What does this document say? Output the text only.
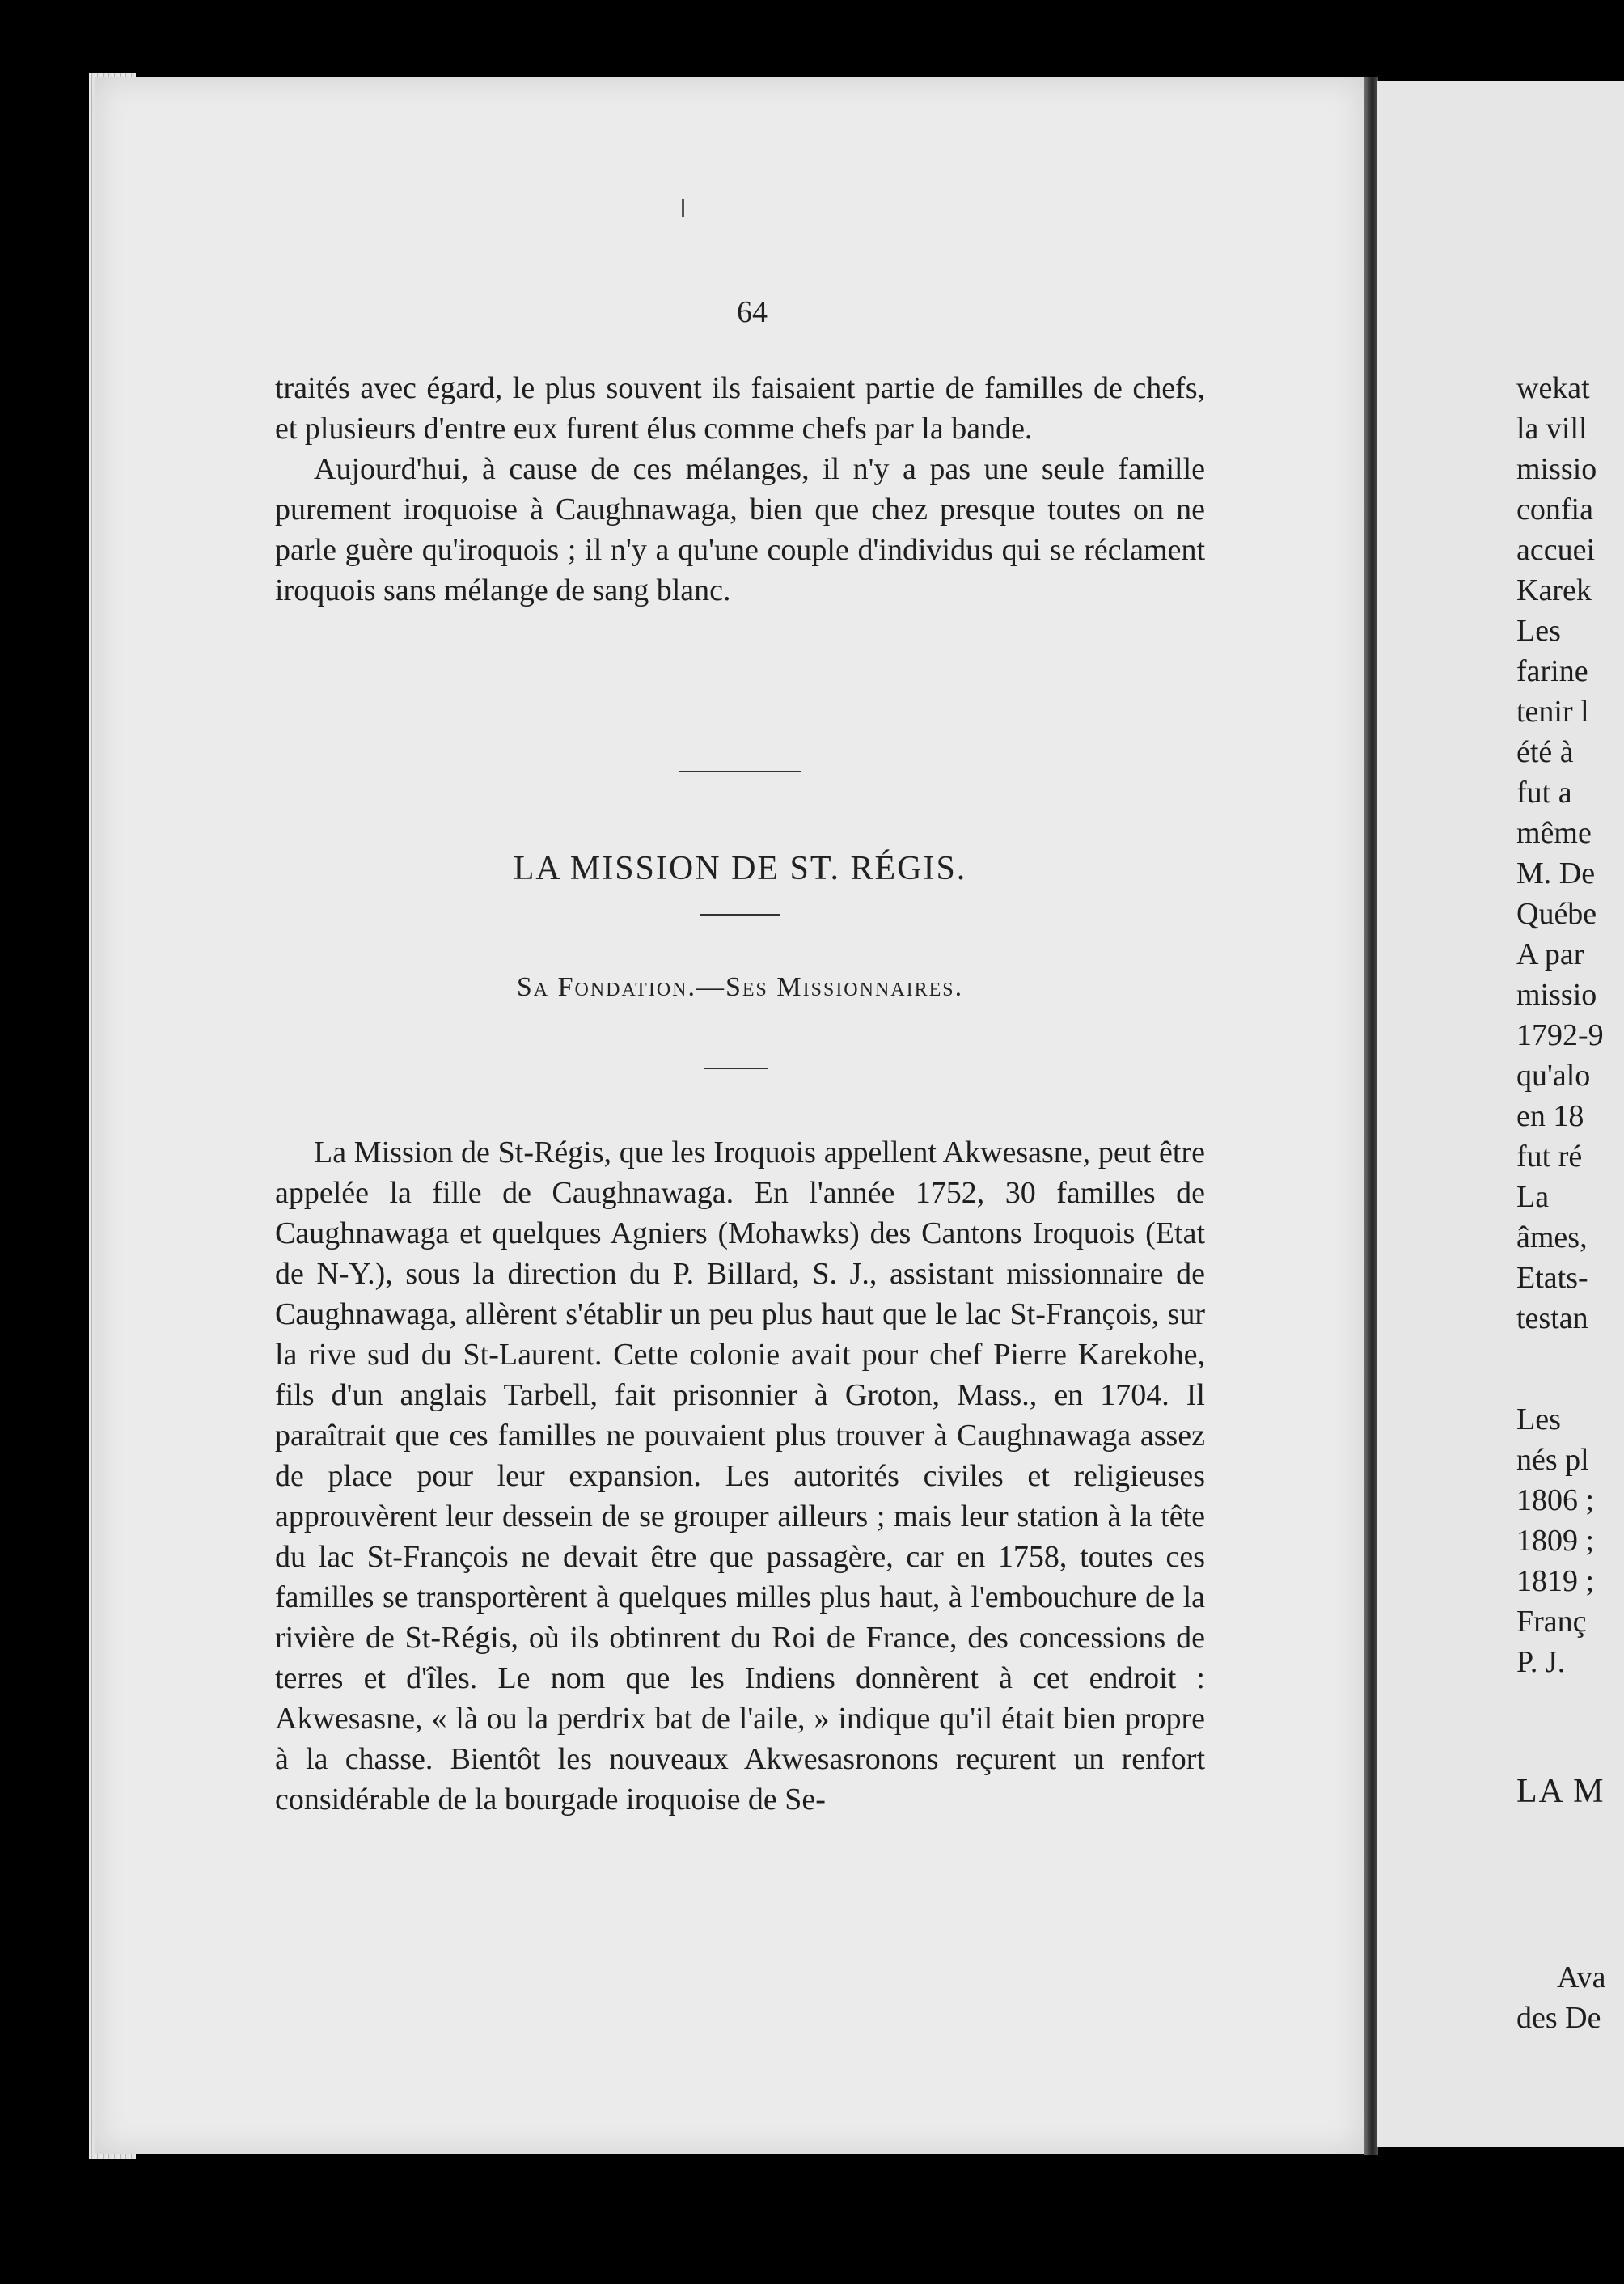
64

traités avec égard, le plus souvent ils faisaient partie de familles de chefs, et plusieurs d'entre eux furent élus comme chefs par la bande.

Aujourd'hui, à cause de ces mélanges, il n'y a pas une seule famille purement iroquoise à Caughnawaga, bien que chez presque toutes on ne parle guère qu'iroquois ; il n'y a qu'une couple d'individus qui se réclament iroquois sans mélange de sang blanc.

LA MISSION DE ST. RÉGIS.
Sa Fondation.—Ses Missionnaires.

La Mission de St-Régis, que les Iroquois appellent Akwesasne, peut être appelée la fille de Caughnawaga. En l'année 1752, 30 familles de Caughnawaga et quelques Agniers (Mohawks) des Cantons Iroquois (Etat de N-Y.), sous la direction du P. Billard, S. J., assistant missionnaire de Caughnawaga, allèrent s'établir un peu plus haut que le lac St-François, sur la rive sud du St-Laurent. Cette colonie avait pour chef Pierre Karekohe, fils d'un anglais Tarbell, fait prisonnier à Groton, Mass., en 1704. Il paraîtrait que ces familles ne pouvaient plus trouver à Caughnawaga assez de place pour leur expansion. Les autorités civiles et religieuses approuvèrent leur dessein de se grouper ailleurs ; mais leur station à la tête du lac St-François ne devait être que passagère, car en 1758, toutes ces familles se transportèrent à quelques milles plus haut, à l'embouchure de la rivière de St-Régis, où ils obtinrent du Roi de France, des concessions de terres et d'îles. Le nom que les Indiens donnèrent à cet endroit : Akwesasne, « là ou la perdrix bat de l'aile, » indique qu'il était bien propre à la chasse. Bientôt les nouveaux Akwesasronons reçurent un renfort considérable de la bourgade iroquoise de Se-

wekat
la vill
missio
confia
accuei
Karek
Les
farine
tenir l
été à
fut a
même
M. De
Québe
A par
missio
1792-9
qu'alo
en 18
fut ré
La
âmes,
Etats-
testan
Les
nés pl
1806 ;
1809 ;
1819 ;
Franç
P. J.
LA M
Ava
des De
